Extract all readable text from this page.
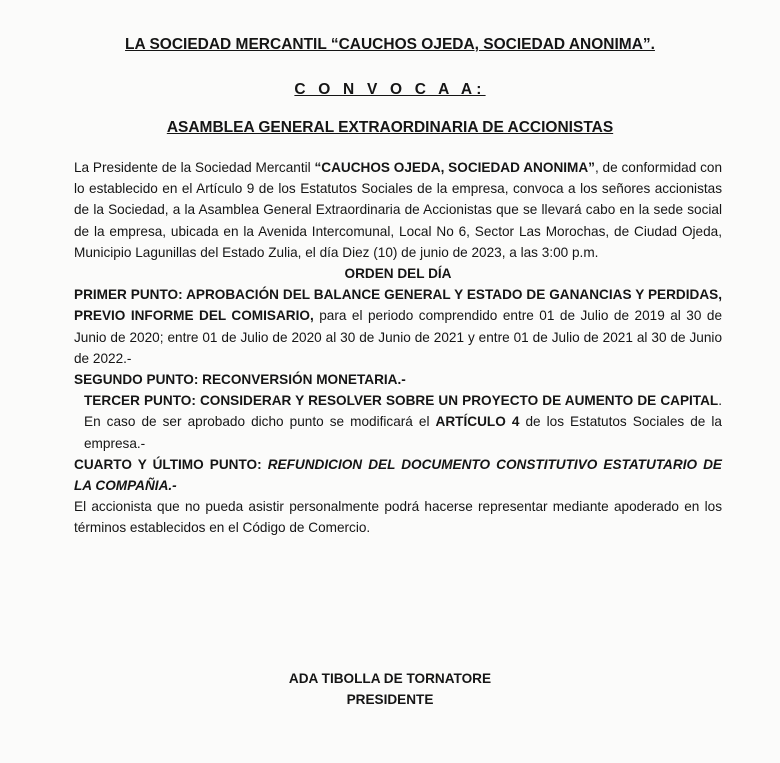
LA SOCIEDAD MERCANTIL “CAUCHOS OJEDA, SOCIEDAD ANONIMA”.
C O N V O C A A:
ASAMBLEA GENERAL EXTRAORDINARIA DE ACCIONISTAS

La Presidente de la Sociedad Mercantil “CAUCHOS OJEDA, SOCIEDAD ANONIMA”, de conformidad con lo establecido en el Artículo 9 de los Estatutos Sociales de la empresa, convoca a los señores accionistas de la Sociedad, a la Asamblea General Extraordinaria de Accionistas que se llevará cabo en la sede social de la empresa, ubicada en la Avenida Intercomunal, Local No 6, Sector Las Morochas, de Ciudad Ojeda, Municipio Lagunillas del Estado Zulia, el día Diez (10) de junio de 2023, a las 3:00 p.m.

ORDEN DEL DÍA

PRIMER PUNTO: APROBACIÓN DEL BALANCE GENERAL Y ESTADO DE GANANCIAS Y PERDIDAS, PREVIO INFORME DEL COMISARIO, para el periodo comprendido entre 01 de Julio de 2019 al 30 de Junio de 2020; entre 01 de Julio de 2020 al 30 de Junio de 2021 y entre 01 de Julio de 2021 al 30 de Junio de 2022.-

SEGUNDO PUNTO: RECONVERSIÓN MONETARIA.-

TERCER PUNTO: CONSIDERAR Y RESOLVER SOBRE UN PROYECTO DE AUMENTO DE CAPITAL. En caso de ser aprobado dicho punto se modificará el ARTÍCULO 4 de los Estatutos Sociales de la empresa.-

CUARTO Y ÚLTIMO PUNTO: REFUNDICION DEL DOCUMENTO CONSTITUTIVO ESTATUTARIO DE LA COMPAÑIA.-

El accionista que no pueda asistir personalmente podrá hacerse representar mediante apoderado en los términos establecidos en el Código de Comercio.

ADA TIBOLLA DE TORNATORE
PRESIDENTE
